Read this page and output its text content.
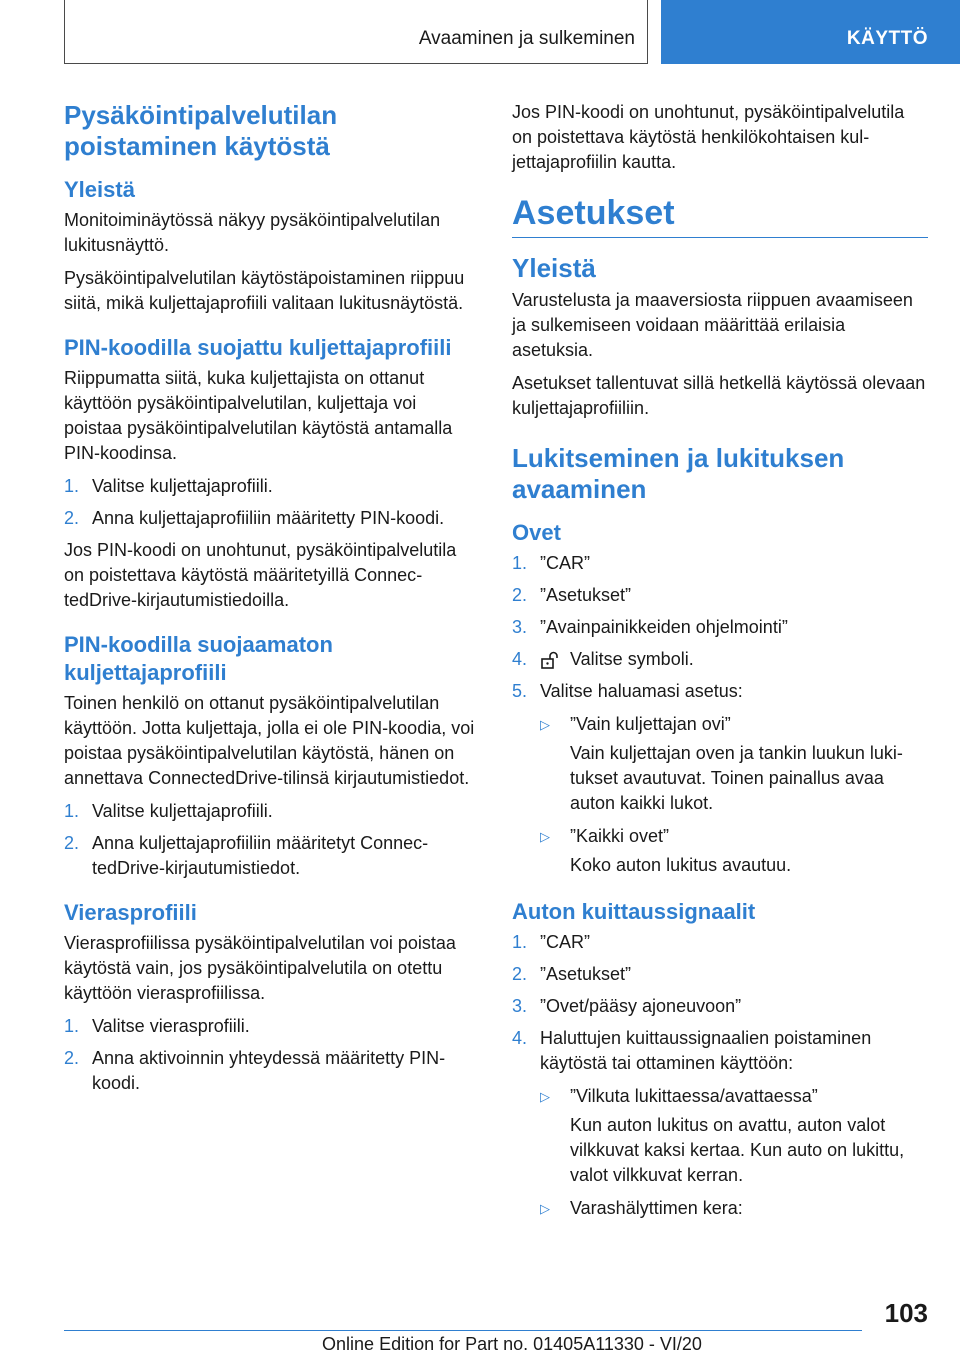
Avaaminen ja sulkeminen	KÄYTTÖ
Pysäköintipalvelutilan poistaminen käytöstä
Yleistä

Monitoiminäytössä näkyy pysäköintipalvelutilan lukitusnäyttö.

Pysäköintipalvelutilan käytöstäpoistaminen riippuu siitä, mikä kuljettajaprofiili valitaan lukitusnäytöstä.

PIN-koodilla suojattu kuljettajaprofiili

Riippumatta siitä, kuka kuljettajista on ottanut käyttöön pysäköintipalvelutilan, kuljettaja voi poistaa pysäköintipalvelutilan käytöstä antamalla PIN-koodinsa.

1. Valitse kuljettajaprofiili.
2. Anna kuljettajaprofiiliin määritetty PIN-koodi.

Jos PIN-koodi on unohtunut, pysäköintipalvelutila on poistettava käytöstä määritetyillä ConnectedDrive-kirjautumistiedoilla.

PIN-koodilla suojaamaton kuljettajaprofiili

Toinen henkilö on ottanut pysäköintipalvelutilan käyttöön. Jotta kuljettaja, jolla ei ole PIN-koodia, voi poistaa pysäköintipalvelutilan käytöstä, hänen on annettava ConnectedDrive-tilinsä kirjautumistiedot.

1. Valitse kuljettajaprofiili.
2. Anna kuljettajaprofiiliin määritetyt ConnectedDrive-kirjautumistiedot.
Vierasprofiili

Vierasprofiilissa pysäköintipalvelutilan voi poistaa käytöstä vain, jos pysäköintipalvelutila on otettu käyttöön vierasprofiilissa.

1. Valitse vierasprofiili.
2. Anna aktivoinnin yhteydessä määritetty PIN-koodi.

Jos PIN-koodi on unohtunut, pysäköintipalvelutila on poistettava käytöstä henkilökohtaisen kuljettajaprofiilin kautta.

Asetukset
Yleistä

Varustelusta ja maaversiosta riippuen avaamiseen ja sulkemiseen voidaan määrittää erilaisia asetuksia.

Asetukset tallentuvat sillä hetkellä käytössä olevaan kuljettajaprofiiliin.

Lukitseminen ja lukituksen avaaminen
Ovet
1. ”CAR”
2. ”Asetukset”
3. ”Avainpainikkeiden ohjelmointi”
4.	Valitse symboli.
5. Valitse haluamasi asetus:
▷	”Vain kuljettajan ovi”
Vain kuljettajan oven ja tankin luukun lukitukset avautuvat. Toinen painallus avaa auton kaikki lukot.
▷	”Kaikki ovet”
Koko auton lukitus avautuu.
Auton kuittaussignaalit
1. ”CAR”
2. ”Asetukset”
3. ”Ovet/pääsy ajoneuvoon”
4. Haluttujen kuittaussignaalien poistaminen käytöstä tai ottaminen käyttöön:
▷	”Vilkuta lukittaessa/avattaessa”
Kun auton lukitus on avattu, auton valot vilkkuvat kaksi kertaa. Kun auto on lukittu, valot vilkkuvat kerran.
▷	Varashälyttimen kera:
103
Online Edition for Part no. 01405A11330 - VI/20
